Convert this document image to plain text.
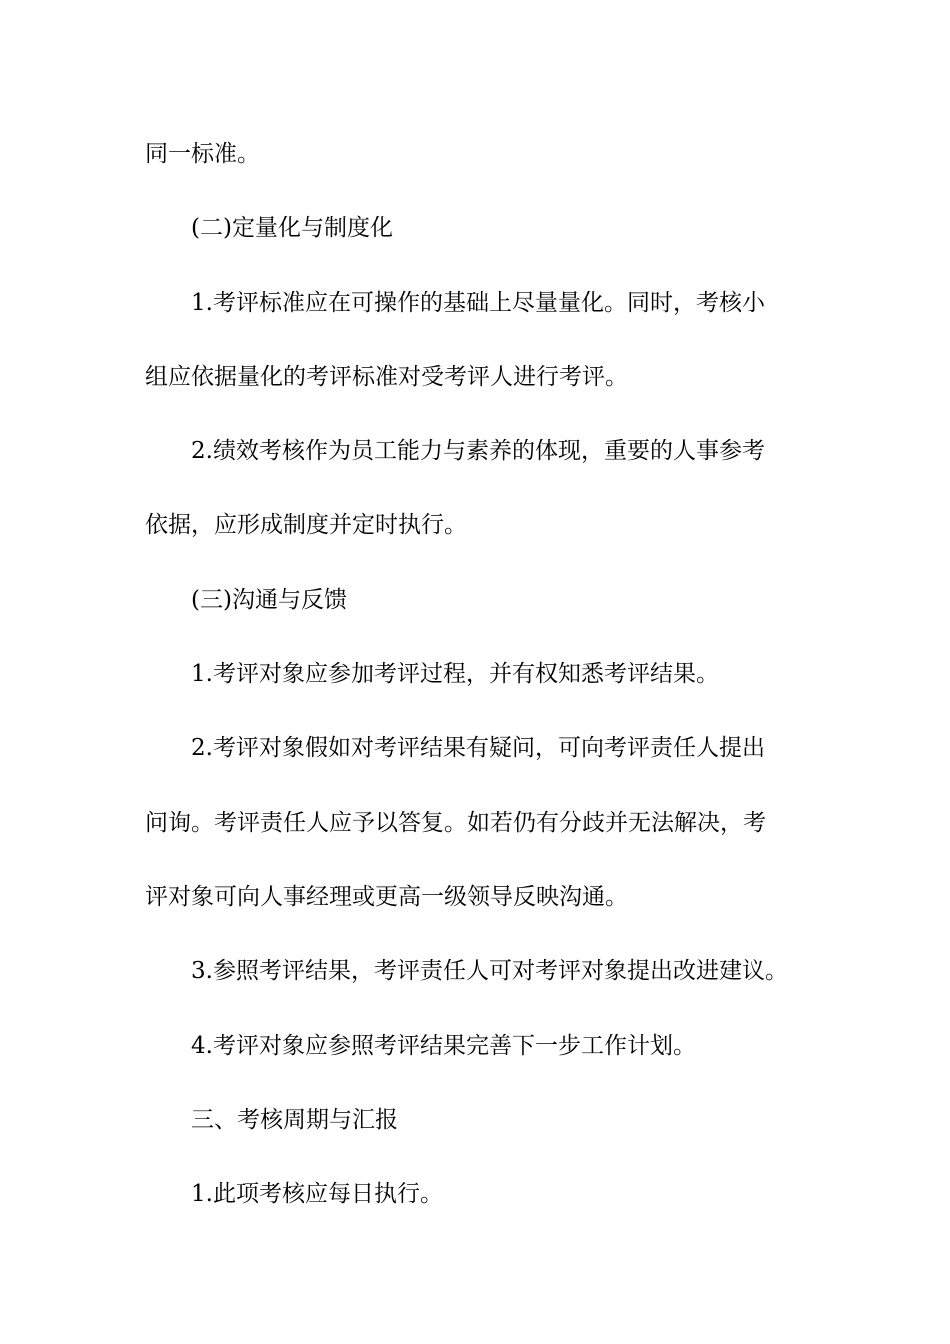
同一标准。
(二)定量化与制度化
1.考评标准应在可操作的基础上尽量量化。同时，考核小
组应依据量化的考评标准对受考评人进行考评。
2.绩效考核作为员工能力与素养的体现，重要的人事参考
依据，应形成制度并定时执行。
(三)沟通与反馈
1.考评对象应参加考评过程，并有权知悉考评结果。
2.考评对象假如对考评结果有疑问，可向考评责任人提出
问询。考评责任人应予以答复。如若仍有分歧并无法解决，考
评对象可向人事经理或更高一级领导反映沟通。
3.参照考评结果，考评责任人可对考评对象提出改进建议。
4.考评对象应参照考评结果完善下一步工作计划。
三、考核周期与汇报
1.此项考核应每日执行。
